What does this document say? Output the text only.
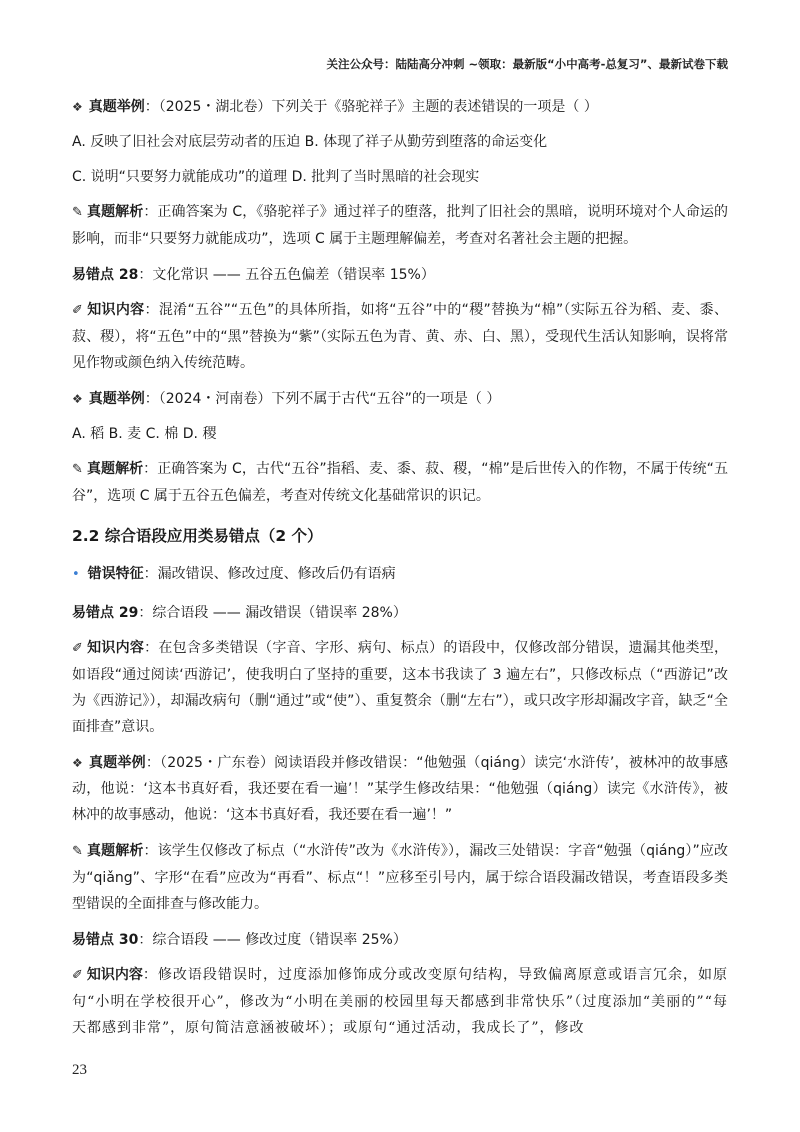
关注公众号：陆陆高分冲刺 ~领取：最新版“小中高考-总复习”、最新试卷下载

❖ 真题举例：（2025・湖北卷）下列关于《骆驼祥子》主题的表述错误的一项是（ ）

A. 反映了旧社会对底层劳动者的压迫 B. 体现了祥子从勤劳到堕落的命运变化

C. 说明“只要努力就能成功”的道理 D. 批判了当时黑暗的社会现实

✎ 真题解析：正确答案为 C，《骆驼祥子》通过祥子的堕落，批判了旧社会的黑暗，说明环境对个人命运的影响，而非“只要努力就能成功”，选项 C 属于主题理解偏差，考查对名著社会主题的把握。

易错点 28：文化常识 —— 五谷五色偏差（错误率 15%）

✐ 知识内容：混淆“五谷”“五色”的具体所指，如将“五谷”中的“稷”替换为“棉”（实际五谷为稻、麦、黍、菽、稷），将“五色”中的“黑”替换为“紫”（实际五色为青、黄、赤、白、黑），受现代生活认知影响，误将常见作物或颜色纳入传统范畴。

❖ 真题举例：（2024・河南卷）下列不属于古代“五谷”的一项是（ ）

A. 稻 B. 麦 C. 棉 D. 稷

✎ 真题解析：正确答案为 C，古代“五谷”指稻、麦、黍、菽、稷，“棉”是后世传入的作物，不属于传统“五谷”，选项 C 属于五谷五色偏差，考查对传统文化基础常识的识记。

2.2 综合语段应用类易错点（2 个）

• 错误特征：漏改错误、修改过度、修改后仍有语病

易错点 29：综合语段 —— 漏改错误（错误率 28%）

✐ 知识内容：在包含多类错误（字音、字形、病句、标点）的语段中，仅修改部分错误，遗漏其他类型，如语段“通过阅读‘西游记’，使我明白了坚持的重要，这本书我读了 3 遍左右”，只修改标点（“西游记”改为《西游记》），却漏改病句（删“通过”或“使”）、重复赘余（删“左右”），或只改字形却漏改字音，缺乏“全面排查”意识。

❖ 真题举例：（2025・广东卷）阅读语段并修改错误：“他勉强（qiáng）读完‘水浒传’，被林冲的故事感动，他说：‘这本书真好看，我还要在看一遍’！”某学生修改结果：“他勉强（qiáng）读完《水浒传》，被林冲的故事感动，他说：‘这本书真好看，我还要在看一遍’！”

✎ 真题解析：该学生仅修改了标点（“水浒传”改为《水浒传》），漏改三处错误：字音“勉强（qiáng）”应改为“qiǎng”、字形“在看”应改为“再看”、标点“！”应移至引号内，属于综合语段漏改错误，考查语段多类型错误的全面排查与修改能力。

易错点 30：综合语段 —— 修改过度（错误率 25%）

✐ 知识内容：修改语段错误时，过度添加修饰成分或改变原句结构，导致偏离原意或语言冗余，如原句“小明在学校很开心”，修改为“小明在美丽的校园里每天都感到非常快乐”（过度添加“美丽的”“每天都感到非常”，原句简洁意涵被破坏）；或原句“通过活动，我成长了”，修改

23
